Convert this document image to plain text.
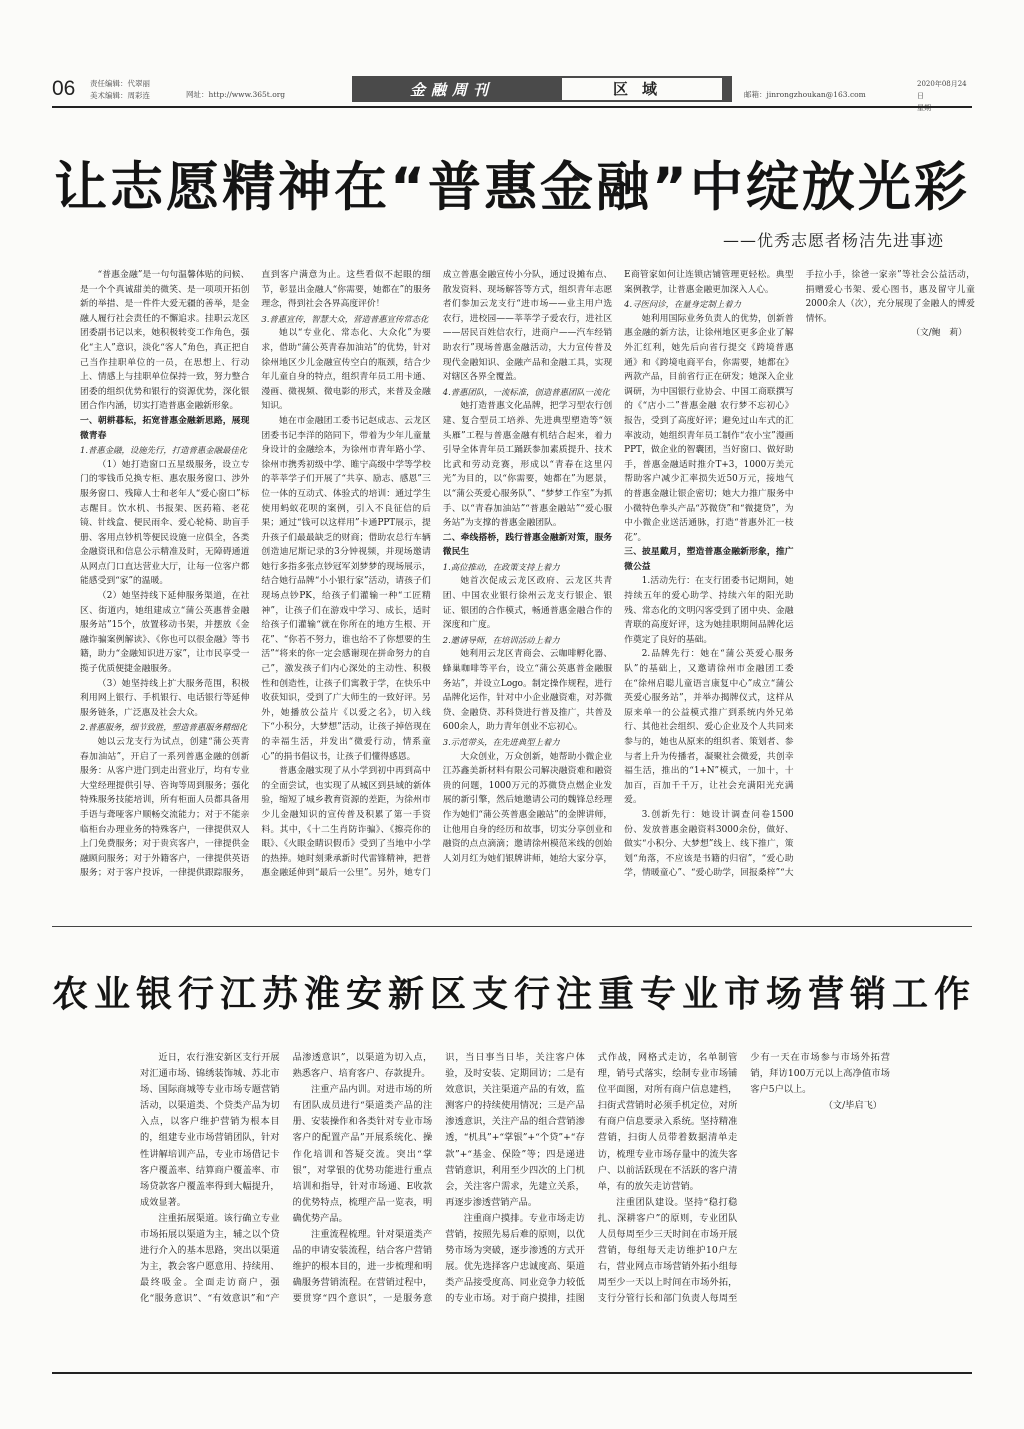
06 责任编辑：代翠丽
美术编辑：周彩连	网址：http://www.365t.org	金融周刊	区域	邮箱：jinrongzhoukan@163.com
2020年08月24日
星期一
让志愿精神在“普惠金融”中绽放光彩
——优秀志愿者杨洁先进事迹
“普惠金融”是一句句温馨体贴的问候、是一个个真诚甜美的微笑、是一项项开拓创新的举措、是一件件大爱无疆的善举，是金融人履行社会责任的不懈追求。挂职云龙区团委副书记以来，她积极转变工作角色，强化“主人”意识，淡化“客人”角色，真正把自己当作挂职单位的一员，在思想上、行动上、情感上与挂职单位保持一致，努力整合团委的组织优势和银行的资源优势，深化银团合作内涵，切实打造普惠金融新形象。
一、朝耕暮耘，拓宽普惠金融新思路，展现微青春
1.普惠金融，设施先行，打造普惠金融最佳化
（1）她打造窗口五星级服务，设立专门的零钱币兑换专柜、惠农服务窗口、涉外服务窗口、残障人士和老年人“爱心窗口”标志醒目。饮水机、书报架、医药箱、老花镜、针线盒、便民雨伞、爱心轮椅、助盲手册、客用点钞机等便民设施一应俱全，各类金融资讯和信息公示精准及时，无障碍通道从网点门口直达营业大厅，让每一位客户都能感受到“家”的温暖。
（2）她坚持线下延伸服务渠道，在社区、街道内，她组建成立“蒲公英惠普金融服务站”15个，放置移动书架，并摆放《金融诈骗案例解读》、《你也可以很金融》等书籍，助力“金融知识进万家”，让市民享受一揽子优质便捷金融服务。
（3）她坚持线上扩大服务范围，积极利用网上银行、手机银行、电话银行等延伸服务链条，广泛惠及社会大众。
2.普惠服务，细节致胜，塑造普惠服务精细化
她以云龙支行为试点，创建“蒲公英青春加油站”，开启了一系列普惠金融的创新服务：从客户进门到走出营业厅，均有专业大堂经理提供引导、咨询等周到服务；强化特殊服务技能培训，所有柜面人员都具备用手语与聋哑客户顺畅交流能力；对于不能亲临柜台办理业务的特殊客户，一律提供双人上门免费服务；对于贵宾客户，一律提供金融顾问服务；对于外籍客户，一律提供英语服务；对于客户投诉，一律提供跟踪服务，直到客户满意为止。这些看似不起眼的细节，彰显出金融人“你需要，她都在”的服务理念，得到社会各界高度评价！
3.普惠宣传，智慧大众，营造普惠宣传常态化
她以“专业化、常态化、大众化”为要求，借助“蒲公英青春加油站”的优势，针对徐州地区少儿金融宣传空白的瓶颈，结合少年儿童自身的特点，组织青年员工用卡通、漫画、微视频、微电影的形式，来普及金融知识。
她在市金融团工委书记赵成志、云龙区团委书记李洋的陪同下，带着为少年儿童量身设计的金融绘本，为徐州市青年路小学、徐州市携秀初级中学、睢宁高级中学等学校的莘莘学子们开展了“共享、励志、感恩”三位一体的互动式、体验式的培训：通过学生使用蚂蚁花呗的案例，引入不良征信的后果；通过“钱可以这样用”卡通PPT展示，提升孩子们最最缺乏的财商；借助农总行车辆创造迪尼斯记录的3分钟视频，并现场邀请她行多指多张点钞冠军刘梦梦的现场展示，结合她行品牌“小小银行家”活动，请孩子们现场点钞PK，给孩子们灌输一种“工匠精神”，让孩子们在游戏中学习、成长，适时给孩子们灌输“就在你所在的地方生根、开花”、“你若不努力，谁也给不了你想要的生活”“将来的你一定会感谢现在拼命努力的自己”，激发孩子们内心深处的主动性、积极性和创造性，让孩子们寓教于学，在快乐中收获知识，受到了广大师生的一致好评。另外，她播放公益片《以爱之名》，切入线下“小积分，大梦想”活动，让孩子掉倍现在的幸福生活，并发出“微爱行动，情系童心”的捐书倡议书，让孩子们懂得感恩。
普惠金融实现了从小学到初中再到高中的全面尝试，也实现了从城区到县域的新体验，缩短了城乡教育资源的差距，为徐州市少儿金融知识的宣传普及积累了第一手资料。其中，《十二生肖防诈骗》、《擦亮你的眼》、《火眼金睛识假币》受到了当地中小学的热捧。她时刻秉承新时代雷锋精神，把普惠金融延伸到“最后一公里”。另外，她专门成立普惠金融宣传小分队，通过设摊布点、散发资料、现场解答等方式，组织青年志愿者们参加云龙支行“进市场——业主用户选农行，进校园——莘莘学子爱农行，进社区——居民百姓信农行，进商户——汽车经销助农行”现场普惠金融活动，大力宣传普及现代金融知识、金融产品和金融工具，实现对辖区各界全覆盖。
4.普惠团队，一流标准，创造普惠团队一流化
她打造普惠文化品牌，把学习型农行创建、复合型员工培养、先进典型塑造等“领头雁”工程与普惠金融有机结合起来，着力引导全体青年员工踊跃参加素质提升、技术比武和劳动竞赛，形成以“青春在这里闪光”为目的，以“你需要，她都在”为愿景，以“蒲公英爱心服务队”、“梦梦工作室”为抓手、以“青春加油站”“普惠金融站”“爱心服务站”为支撑的普惠金融团队。
二、牵线搭桥，践行普惠金融新对策，服务微民生
1.高位推动，在政策支持上着力
她首次促成云龙区政府、云龙区共青团、中国农业银行徐州云龙支行银企、银证、银团的合作模式，畅通普惠金融合作的深度和广度。
2.邀请导师，在培训活动上着力
她利用云龙区青商会、云咖啡孵化器、蜂巢咖啡等平台，设立“蒲公英惠普金融服务站”，并设立Logo。制定操作规程，进行品牌化运作，针对中小企业融资难，对苏微贷、金融贷、苏科贷进行普及推广，共普及600余人，助力青年创业不忘初心。
3.示范带头，在先进典型上着力
大众创业，万众创新，她帮助小微企业江苏鑫美新材料有限公司解决融资难和融资贵的问题，1000万元的苏微贷点燃企业发展的新引擎，然后她邀请公司的魏锋总经理作为她们“蒲公英普惠金融站”的金牌讲师，让他用自身的经历和故事，切实分享创业和融资的点点滴滴；邀请徐州模范米线的创始人刘月红为她们银牌讲师，她给大家分享，E商管家如何让连锁店铺管理更轻松。典型案例教学，让普惠金融更加深入人心。
4.寻医问诊，在量身定制上着力
她利用国际业务负责人的优势，创新普惠金融的新方法，让徐州地区更多企业了解外汇红利，她先后向省行提交《跨境普惠通》和《跨境电商平台，你需要，她都在》两款产品，目前省行正在研发；她深入企业调研，为中国银行业协会、中国工商联撰写的《“店小二”普惠金融 农行梦不忘初心》报告，受到了高度好评；避免过山车式的汇率波动，她组织青年员工制作“农小宝”漫画PPT，做企业的智囊团，当好窗口、做好助手，普惠金融适时推介T+3，1000万美元帮助客户减少汇率损失近50万元，接地气的普惠金融让银企密切；她大力推广服务中小微特色拳头产品“苏微贷”和“微捷贷”，为中小微企业送活通脉，打造“普惠外汇一枝花”。
三、披星戴月，塑造普惠金融新形象，推广微公益
1.活动先行：在支行团委书记期间，她持续五年的爱心助学、持续六年的阳光助残、常态化的文明闪客受到了团中央、金融青联的高度好评，这为她挂职期间品牌化运作奠定了良好的基础。
2.品牌先行：她在“蒲公英爱心服务队”的基础上，又邀请徐州市金融团工委在“徐州启聪儿童语言康复中心”成立“蒲公英爱心服务站”，并举办揭牌仪式，这样从原来单一的公益模式推广到系统内外兄弟行、其他社会组织、爱心企业及个人共同来参与的，她也从原来的组织者、策划者、参与者上升为传播者，凝聚社会微爱，共创幸福生活，推出的“1+N”模式，一加十，十加百，百加千千万，让社会充满阳光充满爱。
3.创新先行：她设计调查问卷1500份、发放普惠金融资料3000余份，做好、做实“小积分、大梦想”线上、线下推广，策划“角落，不应该是书籍的归宿”，“爱心助学，情暖童心”、“爱心助学，回报桑梓”“大手拉小手，徐爸一家亲”等社会公益活动，捐赠爱心书架、爱心图书，惠及留守儿童2000余人（次），充分展现了金融人的博爱情怀。
（文/鲍　莉）
农业银行江苏淮安新区支行注重专业市场营销工作
近日，农行淮安新区支行开展对汇通市场、锦绣装饰城、苏北市场、国际商城等专业市场专题营销活动，以渠道类、个贷类产品为切入点，以客户维护营销为根本目的，组建专业市场营销团队，针对性讲解培训产品，专业市场借记卡客户覆盖率、结算商户覆盖率、市场贷款客户覆盖率得到大幅提升，成效显著。
注重拓展渠道。该行确立专业市场拓展以渠道为主，辅之以个贷进行介入的基本思路，突出以渠道为主，教会客户愿意用、持续用、最终吸金。全面走访商户，强化“服务意识”、“有效意识”和“产品渗透意识”，以渠道为切入点，熟悉客户、培育客户、存款提升。
注重产品内训。对进市场的所有团队成员进行“渠道类产品的注册、安装操作和各类针对专业市场客户的配置产品”开展系统化、操作化培训和答疑交流。突出“掌银”，对掌银的优势功能进行重点培训和指导，针对市场通、E收款的优势特点，梳理产品一览表，明确优势产品。
注重流程梳理。针对渠道类产品的申请安装流程，结合客户营销维护的根本目的，进一步梳理和明确服务营销流程。在营销过程中，要贯穿“四个意识”，一是服务意识，当日事当日毕，关注客户体验，及时安装、定期回访；二是有效意识，关注渠道产品的有效，监测客户的持续使用情况；三是产品渗透意识，关注产品的组合营销渗透，“机具”+“掌银”+“个贷”+“存款”+“基金、保险”等；四是递进营销意识，利用至少四次的上门机会，关注客户需求，先建立关系，再逐步渗透营销产品。
注重商户摸排。专业市场走访营销，按照先易后难的原则，以优势市场为突破，逐步渗透的方式开展。优先选择客户忠诚度高、渠道类产品接受度高、同业竞争力较低的专业市场。对于商户摸排，挂图式作战，网格式走访，名单制管理，销号式落实，绘制专业市场铺位平面图，对所有商户信息建档，扫街式营销时必须手机定位，对所有商户信息要录入系统。坚持精准营销，扫街人员带着数据清单走访，梳理专业市场存量中的流失客户、以前活跃现在不活跃的客户清单，有的放矢走访营销。
注重团队建设。坚持“稳打稳扎、深耕客户”的原则，专业团队人员每周至少三天时间在市场开展营销，每组每天走访维护10户左右，营业网点市场营销外拓小组每周至少一天以上时间在市场外拓，支行分管行长和部门负责人每周至少有一天在市场参与市场外拓营销，拜访100万元以上高净值市场客户5户以上。
（文/毕启飞）
